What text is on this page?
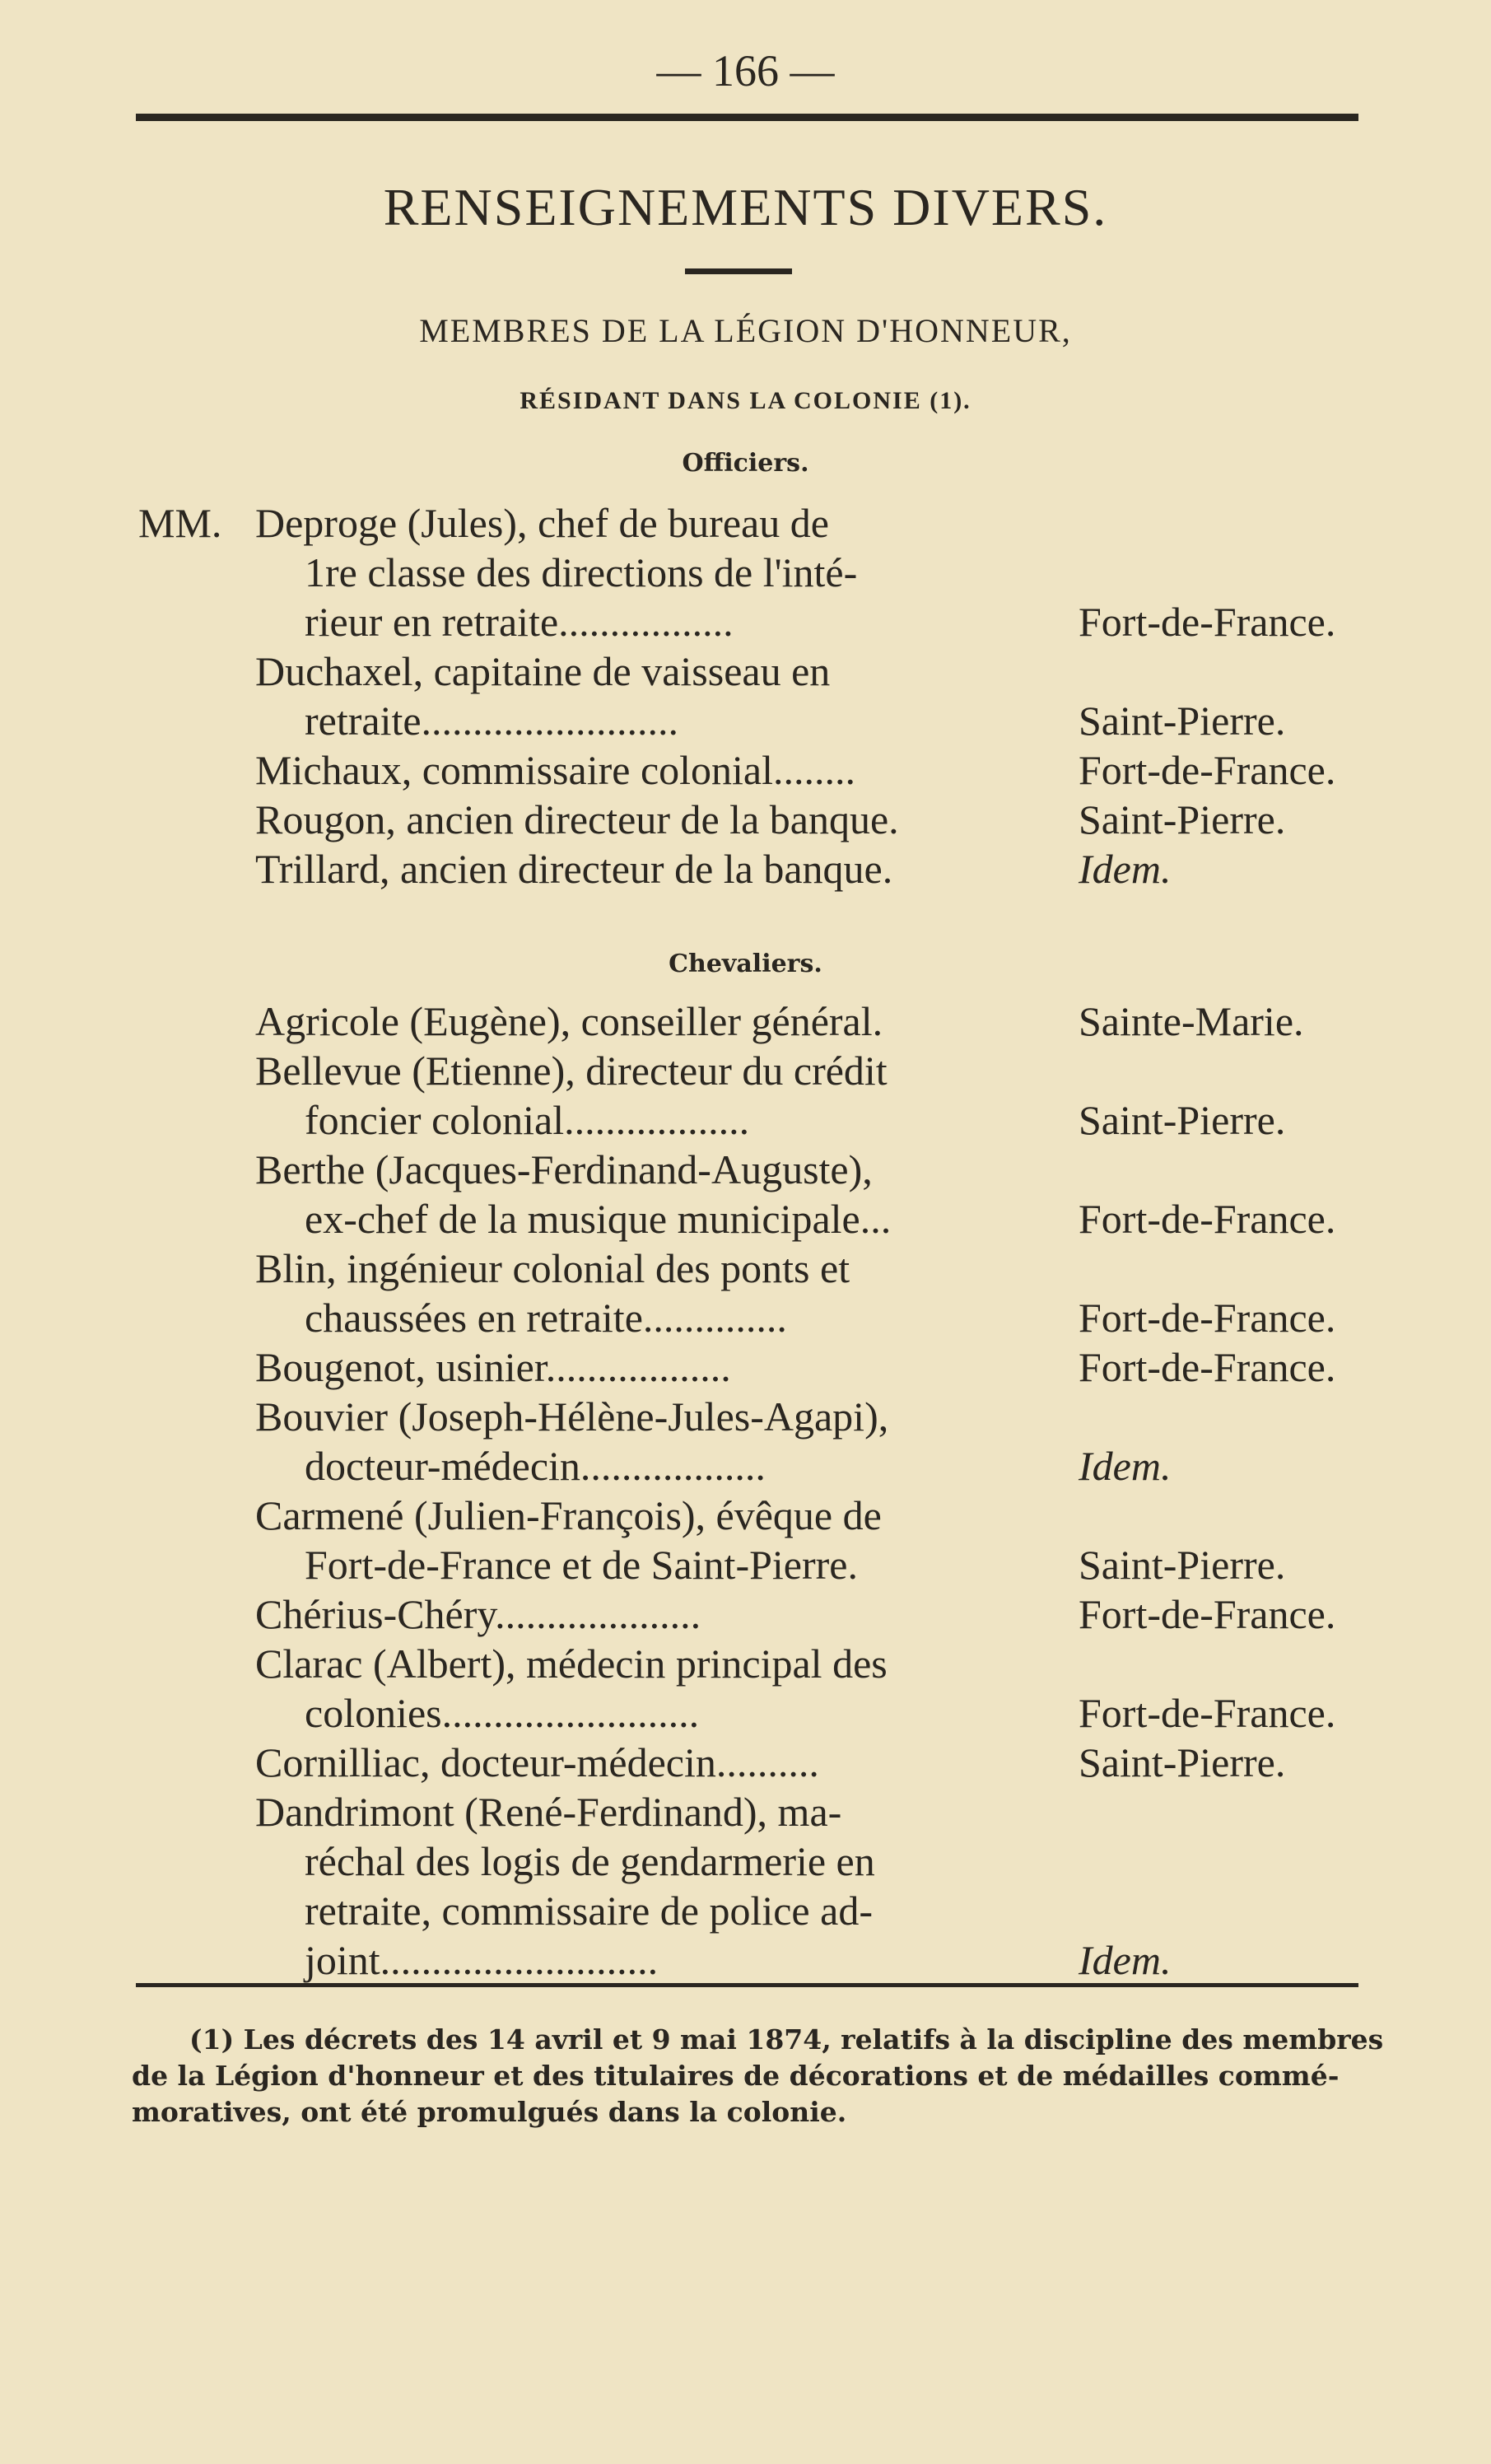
— 166 —
RENSEIGNEMENTS DIVERS.
MEMBRES DE LA LÉGION D'HONNEUR,
RÉSIDANT DANS LA COLONIE (1).
Officiers.
MM. Deproge (Jules), chef de bureau de
1re classe des directions de l'inté-
rieur en retraite.................	Fort-de-France.
Duchaxel, capitaine de vaisseau en
retraite.........................	Saint-Pierre.
Michaux, commissaire colonial........	Fort-de-France.
Rougon, ancien directeur de la banque.	Saint-Pierre.
Trillard, ancien directeur de la banque.	Idem.
Chevaliers.
Agricole (Eugène), conseiller général.	Sainte-Marie.
Bellevue (Etienne), directeur du crédit
foncier colonial..................	Saint-Pierre.
Berthe (Jacques-Ferdinand-Auguste),
ex-chef de la musique municipale...	Fort-de-France.
Blin, ingénieur colonial des ponts et
chaussées en retraite..............	Fort-de-France.
Bougenot, usinier..................	Fort-de-France.
Bouvier (Joseph-Hélène-Jules-Agapi),
docteur-médecin..................	Idem.
Carmené (Julien-François), évêque de
Fort-de-France et de Saint-Pierre.	Saint-Pierre.
Chérius-Chéry....................	Fort-de-France.
Clarac (Albert), médecin principal des
colonies.........................	Fort-de-France.
Cornilliac, docteur-médecin..........	Saint-Pierre.
Dandrimont (René-Ferdinand), ma-
réchal des logis de gendarmerie en
retraite, commissaire de police ad-
joint...........................	Idem.
(1) Les décrets des 14 avril et 9 mai 1874, relatifs à la discipline des membres
de la Légion d'honneur et des titulaires de décorations et de médailles commé-
moratives, ont été promulgués dans la colonie.
